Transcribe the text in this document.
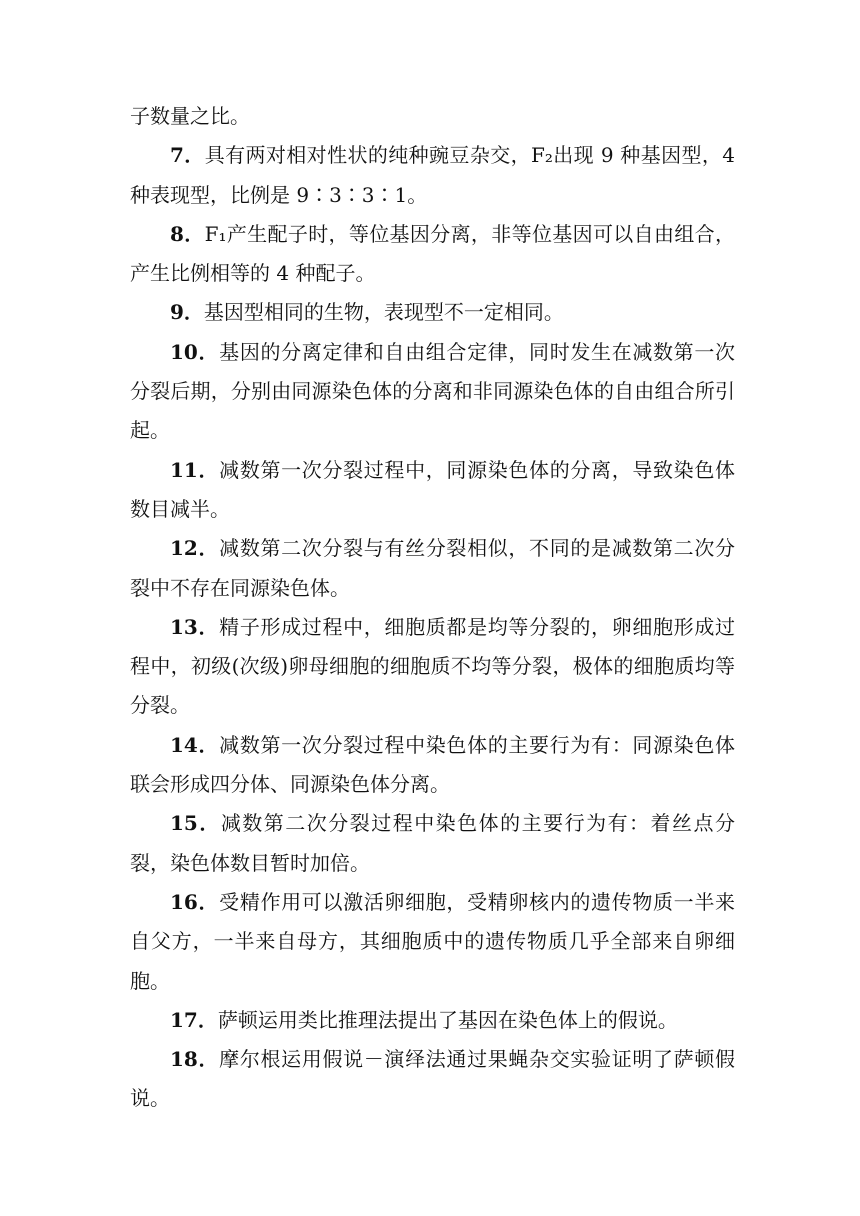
子数量之比。

7．具有两对相对性状的纯种豌豆杂交，F₂出现 9 种基因型，4 种表现型，比例是 9∶3∶3∶1。

8．F₁产生配子时，等位基因分离，非等位基因可以自由组合，产生比例相等的 4 种配子。

9．基因型相同的生物，表现型不一定相同。

10．基因的分离定律和自由组合定律，同时发生在减数第一次分裂后期，分别由同源染色体的分离和非同源染色体的自由组合所引起。

11．减数第一次分裂过程中，同源染色体的分离，导致染色体数目减半。

12．减数第二次分裂与有丝分裂相似，不同的是减数第二次分裂中不存在同源染色体。

13．精子形成过程中，细胞质都是均等分裂的，卵细胞形成过程中，初级(次级)卵母细胞的细胞质不均等分裂，极体的细胞质均等分裂。

14．减数第一次分裂过程中染色体的主要行为有：同源染色体联会形成四分体、同源染色体分离。

15．减数第二次分裂过程中染色体的主要行为有：着丝点分裂，染色体数目暂时加倍。

16．受精作用可以激活卵细胞，受精卵核内的遗传物质一半来自父方，一半来自母方，其细胞质中的遗传物质几乎全部来自卵细胞。

17．萨顿运用类比推理法提出了基因在染色体上的假说。

18．摩尔根运用假说－演绎法通过果蝇杂交实验证明了萨顿假说。
